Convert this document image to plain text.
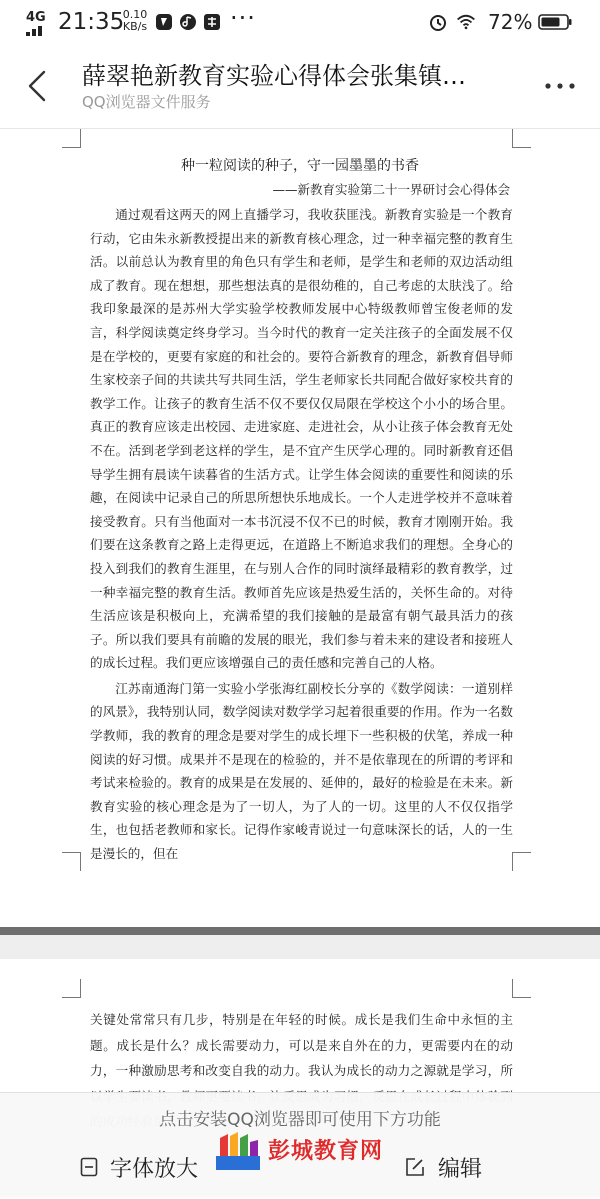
4G 21:35
0.10
KB/s	···	72%
薛翠艳新教育实验心得体会张集镇…
QQ浏览器文件服务
种一粒阅读的种子，守一园墨墨的书香
——新教育实验第二十一界研讨会心得体会

通过观看这两天的网上直播学习，我收获匪浅。新教育实验是一个教育行动，它由朱永新教授提出来的新教育核心理念，过一种幸福完整的教育生活。以前总认为教育里的角色只有学生和老师，是学生和老师的双边活动组成了教育。现在想想，那些想法真的是很幼稚的，自己考虑的太肤浅了。给我印象最深的是苏州大学实验学校教师发展中心特级教师曾宝俊老师的发言，科学阅读奠定终身学习。当今时代的教育一定关注孩子的全面发展不仅是在学校的，更要有家庭的和社会的。要符合新教育的理念，新教育倡导师生家校亲子间的共读共写共同生活，学生老师家长共同配合做好家校共育的教学工作。让孩子的教育生活不仅不要仅仅局限在学校这个小小的场合里。真正的教育应该走出校园、走进家庭、走进社会，从小让孩子体会教育无处不在。活到老学到老这样的学生，是不宜产生厌学心理的。同时新教育还倡导学生拥有晨读午读暮省的生活方式。让学生体会阅读的重要性和阅读的乐趣，在阅读中记录自己的所思所想快乐地成长。一个人走进学校并不意味着接受教育。只有当他面对一本书沉浸不仅不已的时候，教育才刚刚开始。我们要在这条教育之路上走得更远，在道路上不断追求我们的理想。全身心的投入到我们的教育生涯里，在与别人合作的同时演绎最精彩的教育教学，过一种幸福完整的教育生活。教师首先应该是热爱生活的，关怀生命的。对待生活应该是积极向上，充满希望的我们接触的是最富有朝气最具活力的孩子。所以我们要具有前瞻的发展的眼光，我们参与着未来的建设者和接班人的成长过程。我们更应该增强自己的责任感和完善自己的人格。

江苏南通海门第一实验小学张海红副校长分享的《数学阅读：一道别样的风景》，我特别认同，数学阅读对数学学习起着很重要的作用。作为一名数学教师，我的教育的理念是要对学生的成长埋下一些积极的伏笔，养成一种阅读的好习惯。成果并不是现在的检验的，并不是依靠现在的所谓的考评和考试来检验的。教育的成果是在发展的、延伸的，最好的检验是在未来。新教育实验的核心理念是为了一切人，为了人的一切。这里的人不仅仅指学生，也包括老教师和家长。记得作家峻青说过一句意味深长的话，人的一生是漫长的，但在

关键处常常只有几步，特别是在年轻的时候。成长是我们生命中永恒的主题。成长是什么？成长需要动力，可以是来自外在的力，更需要内在的动力，一种激励思考和改变自我的动力。我认为成长的动力之源就是学习，所

点击安装QQ浏览器即可使用下方功能
字体放大	编辑
彭城教育网
